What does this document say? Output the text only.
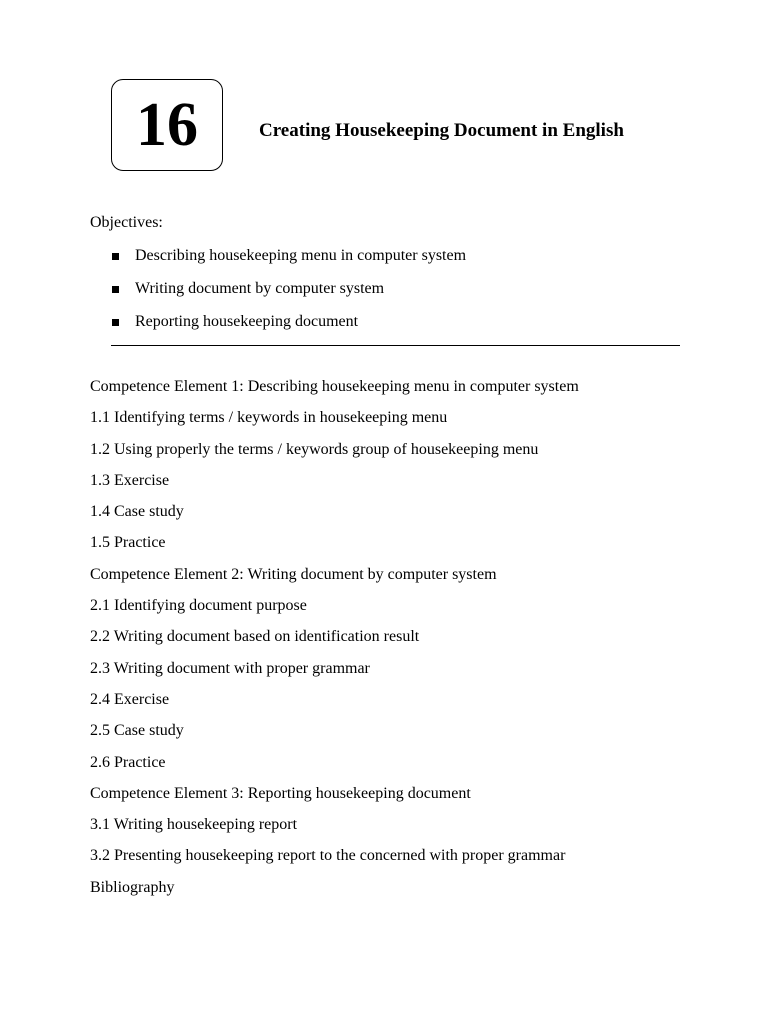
16	Creating Housekeeping Document in English
Objectives:
Describing housekeeping menu in computer system
Writing document by computer system
Reporting housekeeping document
Competence Element 1: Describing housekeeping menu in computer system
1.1 Identifying terms / keywords in housekeeping menu
1.2 Using properly the terms / keywords group of housekeeping menu
1.3 Exercise
1.4 Case study
1.5 Practice
Competence Element 2: Writing document by computer system
2.1 Identifying document purpose
2.2 Writing document based on identification result
2.3 Writing document with proper grammar
2.4 Exercise
2.5 Case study
2.6 Practice
Competence Element 3: Reporting housekeeping document
3.1 Writing housekeeping report
3.2 Presenting housekeeping report to the concerned with proper grammar
Bibliography
